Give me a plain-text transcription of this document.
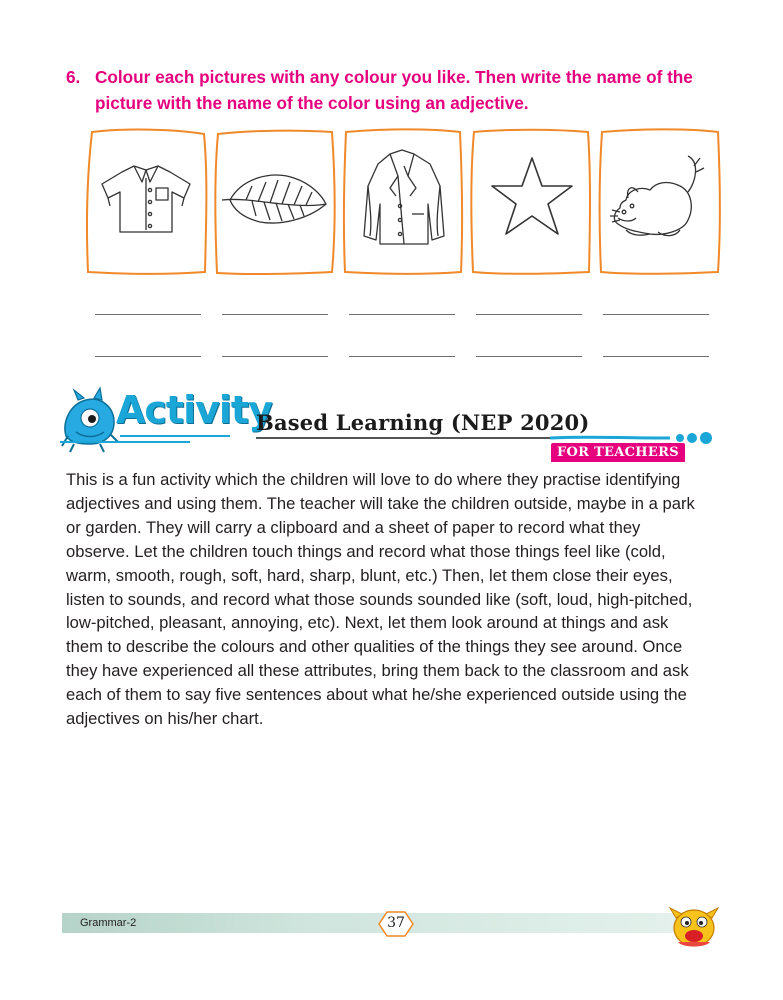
6. Colour each pictures with any colour you like. Then write the name of the

picture with the name of the color using an adjective.

Activity
Based Learning (NEP 2020)
FOR TEACHERS

This is a fun activity which the children will love to do where they practise identifying

adjectives and using them. The teacher will take the children outside, maybe in a park

or garden. They will carry a clipboard and a sheet of paper to record what they

observe. Let the children touch things and record what those things feel like (cold,

warm, smooth, rough, soft, hard, sharp, blunt, etc.) Then, let them close their eyes,

listen to sounds, and record what those sounds sounded like (soft, loud, high-pitched,

low-pitched, pleasant, annoying, etc). Next, let them look around at things and ask

them to describe the colours and other qualities of the things they see around. Once

they have experienced all these attributes, bring them back to the classroom and ask

each of them to say five sentences about what he/she experienced outside using the

adjectives on his/her chart.

Grammar-2	37
